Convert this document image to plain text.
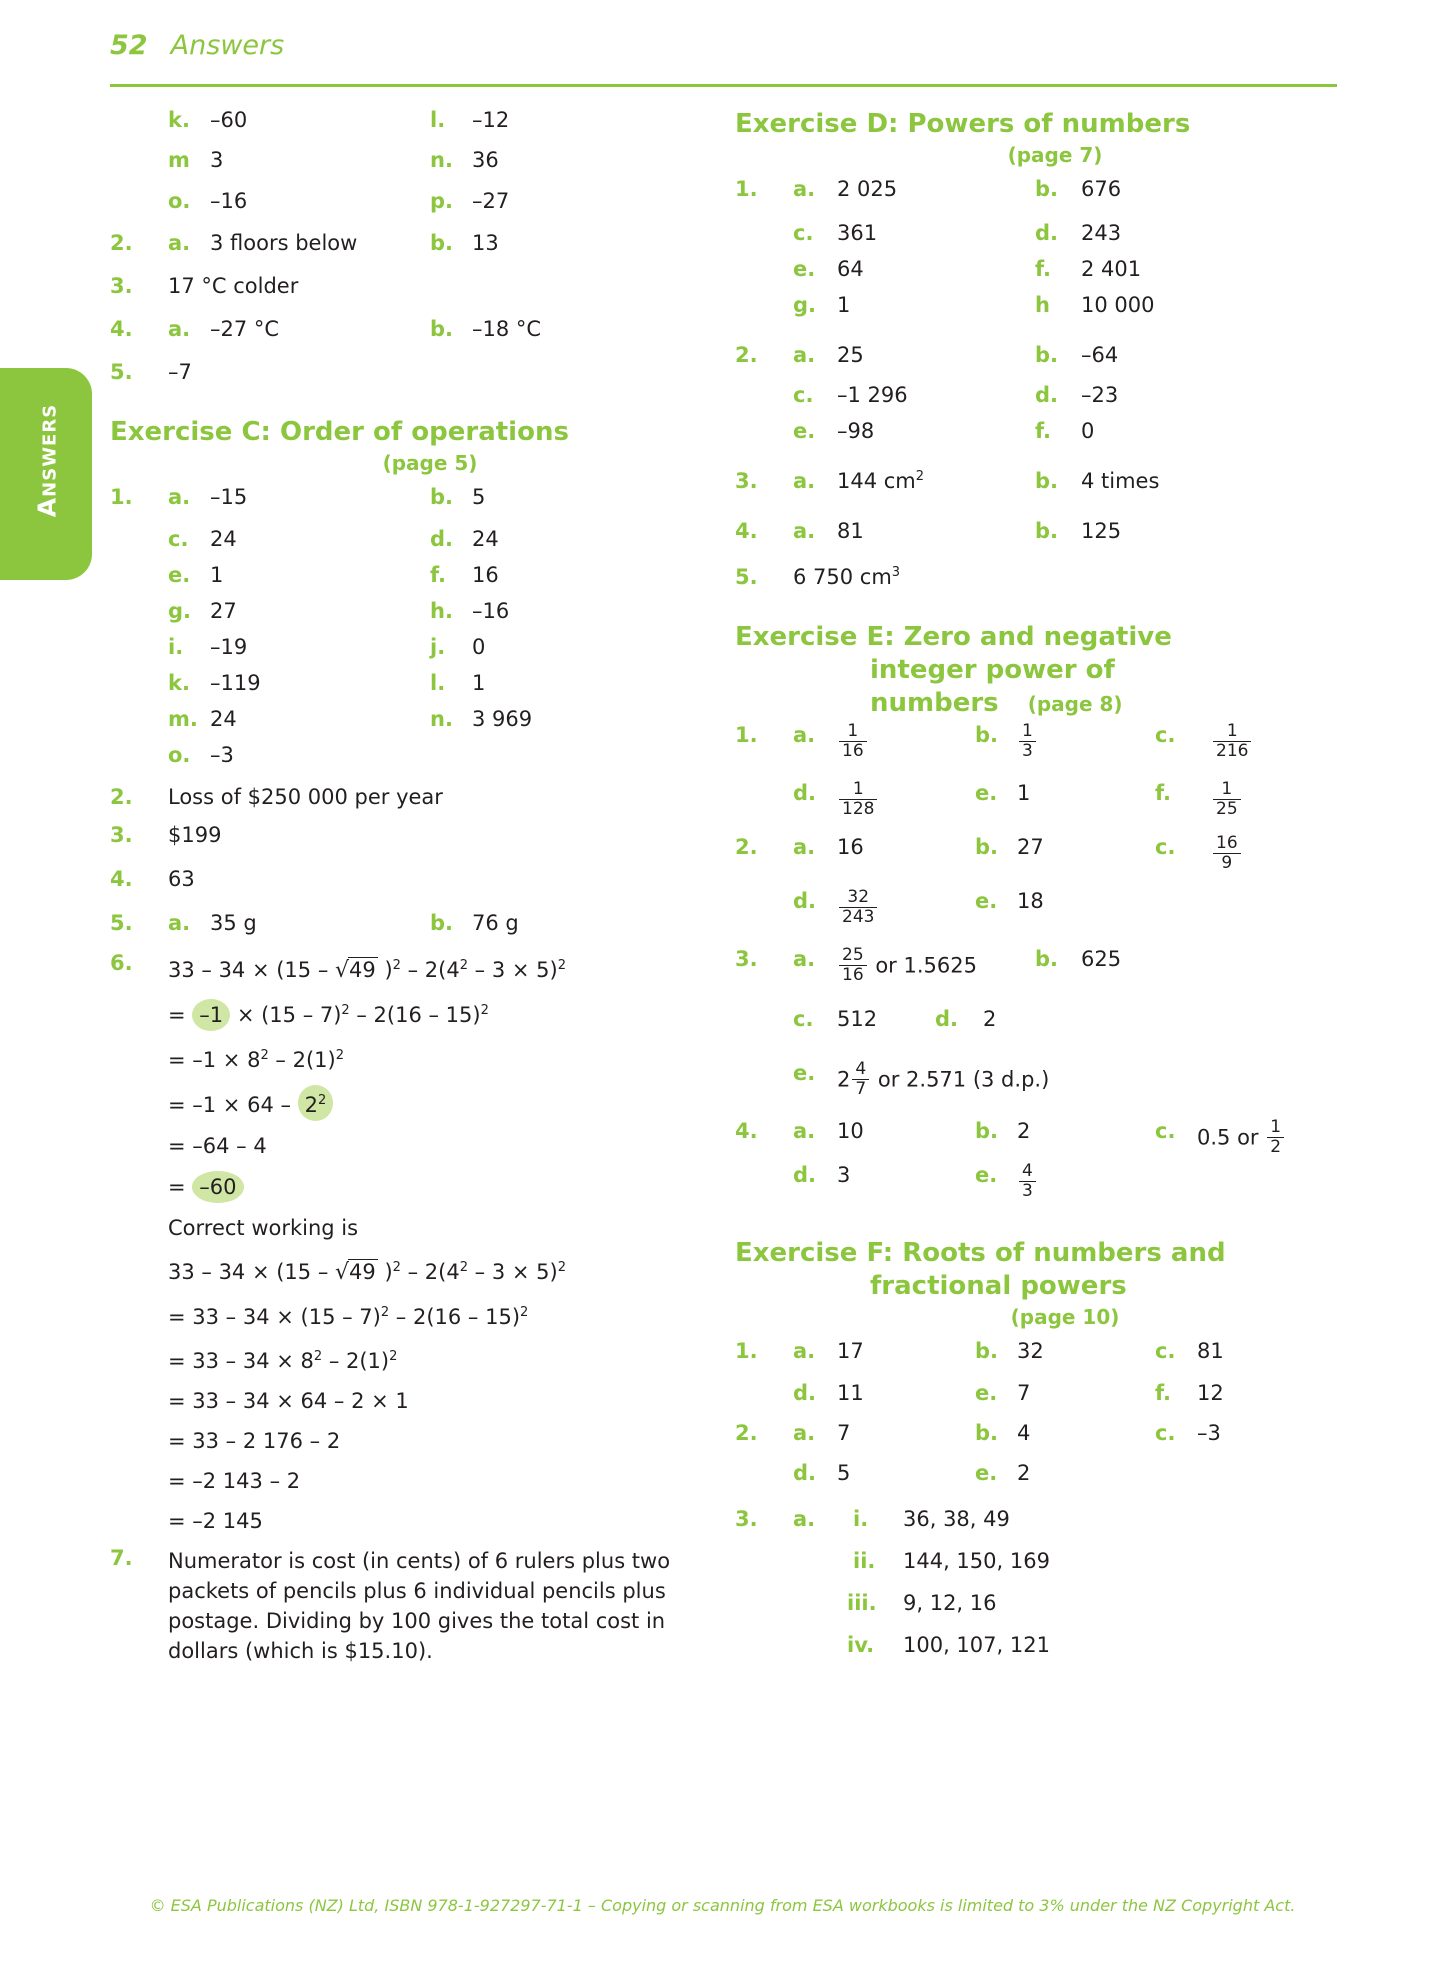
52 Answers
Answers
k. –60	l. –12
m 3	n. 36
o. –16	p. –27
2.	a. 3 floors below	b. 13
3.	17 °C colder
4.	a. –27 °C	b. –18 °C
5.	–7
Exercise C: Order of operations
(page 5)
1.	a. –15	b. 5
c. 24	d. 24
e. 1	f. 16
g. 27	h. –16
i. –19	j. 0
k. –119	l. 1
m. 24	n. 3 969
o. –3
2.	Loss of $250 000 per year
3.	$199
4.	63
5.	a. 35 g	b. 76 g
6.	33 – 34 × (15 – √49 )$^2 - 2(4^2 - 3 \times 5)^2$
= –1 × (15 – 7)$^2$ – 2(16 – 15)$^2$
= $-1 \times 8^2 - 2(1)^2$
= $-1 \times 64 - 2^2$
= –64 – 4
= –60
Correct working is
33 – 34 × (15 – √49 )$^2 - 2(4^2 - 3 \times 5)^2$
= 33 – 34 × (15 – 7)$^2$ – 2(16 – 15)$^2$
= $33 - 34 \times 8^2 - 2(1)^2$
= 33 – 34 × 64 – 2 × 1
= 33 – 2 176 – 2
= –2 143 – 2
= –2 145
7.	Numerator is cost (in cents) of 6 rulers plus two packets of pencils plus 6 individual pencils plus postage. Dividing by 100 gives the total cost in dollars (which is $15.10).
Exercise D: Powers of numbers
(page 7)
1.	a. 2 025	b. 676
c. 361	d. 243
e. 64	f. 2 401
g. 1	h 10 000
2.	a. 25	b. –64
c. –1 296	d. –23
e. –98	f. 0
3.	a. 144 $cm^2$	b. 4 times
4.	a. 81	b. 125
5.	6 750 $cm^3$
Exercise E: Zero and negative
integer power of
numbers (page 8)
1.	a. $\frac{1}{16}$	b. $\frac{1}{3}$	c. $\frac{1}{216}$
d. $\frac{1}{128}$	e. 1	f. $\frac{1}{25}$
2.	a. 16	b. 27	c. $\frac{16}{9}$
d. $\frac{32}{243}$	e. 18
3.	a. $\frac{25}{16}$ or 1.5625	b. 625
c. 512	d. 2
e. $2 \frac{4}{7}$ or 2.571 (3 d.p.)
4.	a. 10	b. 2	c. 0.5 or $\frac{1}{2}$
d. 3	e. $\frac{4}{3}$
Exercise F: Roots of numbers and
fractional powers
(page 10)
1.	a. 17	b. 32	c. 81
d. 11	e. 7	f. 12
2.	a. 7	b. 4	c. –3
d. 5	e. 2
3.	a. i. 36, 38, 49
ii. 144, 150, 169
iii. 9, 12, 16
iv. 100, 107, 121
© ESA Publications (NZ) Ltd, ISBN 978-1-927297-71-1 – Copying or scanning from ESA workbooks is limited to 3% under the NZ Copyright Act.
